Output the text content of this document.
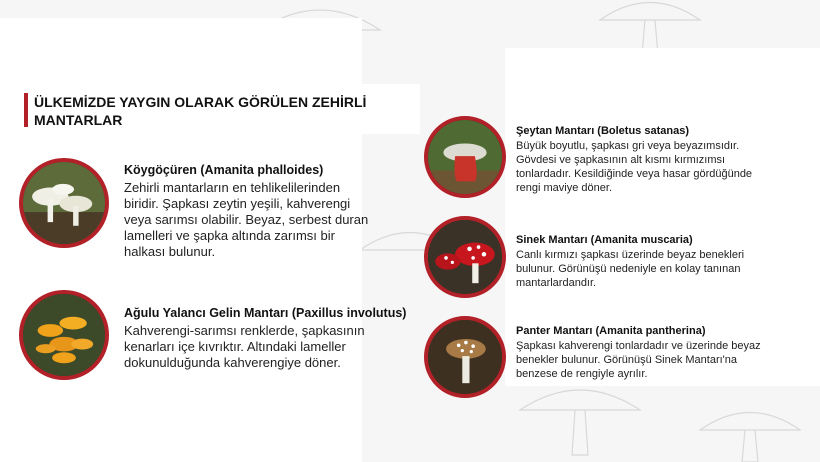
ÜLKEMİZDE YAYGIN OLARAK GÖRÜLEN ZEHİRLİ MANTARLAR
Köygöçüren (Amanita phalloides)
Zehirli mantarların en tehlikelilerinden biridir. Şapkası zeytin yeşili, kahverengi veya sarımsı olabilir. Beyaz, serbest duran lamelleri ve şapka altında zarımsı bir halkası bulunur.
Ağulu Yalancı Gelin Mantarı (Paxillus involutus)
Kahverengi-sarımsı renklerde, şapkasının kenarları içe kıvrıktır. Altındaki lameller dokunulduğunda kahverengiye döner.
Şeytan Mantarı (Boletus satanas)
Büyük boyutlu, şapkası gri veya beyazımsıdır. Gövdesi ve şapkasının alt kısmı kırmızımsı tonlardadır. Kesildiğinde veya hasar gördüğünde rengi maviye döner.
Sinek Mantarı (Amanita muscaria)
Canlı kırmızı şapkası üzerinde beyaz benekleri bulunur. Görünüşü nedeniyle en kolay tanınan mantarlardandır.
Panter Mantarı (Amanita pantherina)
Şapkası kahverengi tonlardadır ve üzerinde beyaz benekler bulunur. Görünüşü Sinek Mantarı'na benzese de rengiyle ayrılır.
